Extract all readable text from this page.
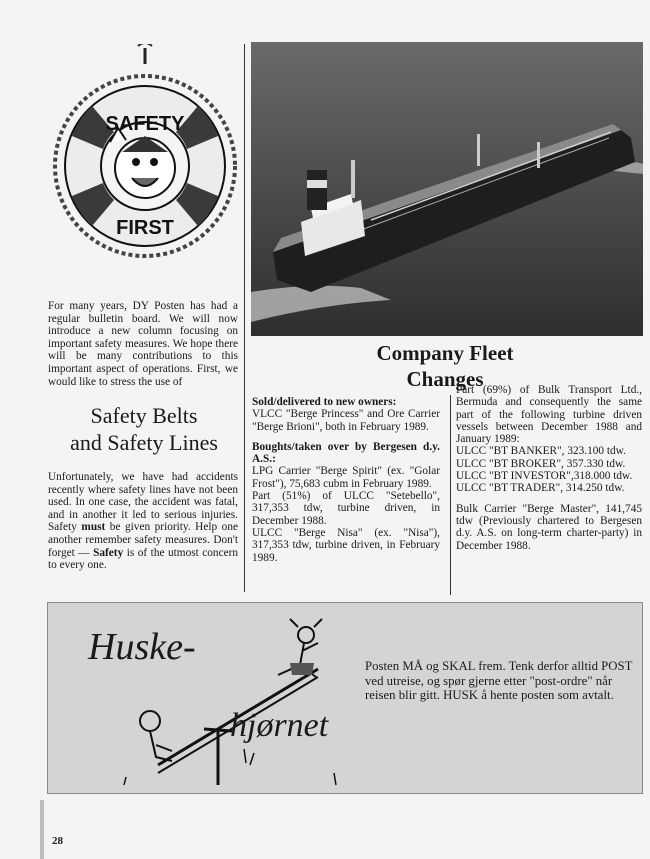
SAFETY
FIRST

For many years, DY Posten has had a regular bulletin board. We will now introduce a new column focusing on important safety measures. We hope there will be many contributions to this important aspect of operations. First, we would like to stress the use of

Safety Belts
and Safety Lines

Unfortunately, we have had accidents recently where safety lines have not been used. In one case, the accident was fatal, and in another it led to serious injuries. Safety must be given priority. Help one another remember safety measures. Don't forget — Safety is of the utmost concern to every one.

Company Fleet
Changes
Sold/delivered to new owners:
VLCC "Berge Princess" and Ore Carrier "Berge Brioni", both in February 1989.
Boughts/taken over by Bergesen d.y. A.S.:
LPG Carrier "Berge Spirit" (ex. "Golar Frost"), 75,683 cubm in February 1989.
Part (51%) of ULCC "Setebello", 317,353 tdw, turbine driven, in December 1988.
ULCC "Berge Nisa" (ex. "Nisa"), 317,353 tdw, turbine driven, in February 1989.
Part (69%) of Bulk Transport Ltd., Bermuda and consequently the same part of the following turbine driven vessels between December 1988 and January 1989:
ULCC "BT BANKER", 323.100 tdw.
ULCC "BT BROKER", 357.330 tdw.
ULCC "BT INVESTOR",318.000 tdw.
ULCC "BT TRADER", 314.250 tdw.
Bulk Carrier "Berge Master", 141,745 tdw (Previously chartered to Bergesen d.y. A.S. on long-term charter-party) in December 1988.
Huske-
hjørnet

Posten MÅ og SKAL frem. Tenk derfor alltid POST ved utreise, og spør gjerne etter "post-ordre" når reisen blir gitt. HUSK å hente posten som avtalt.

28
